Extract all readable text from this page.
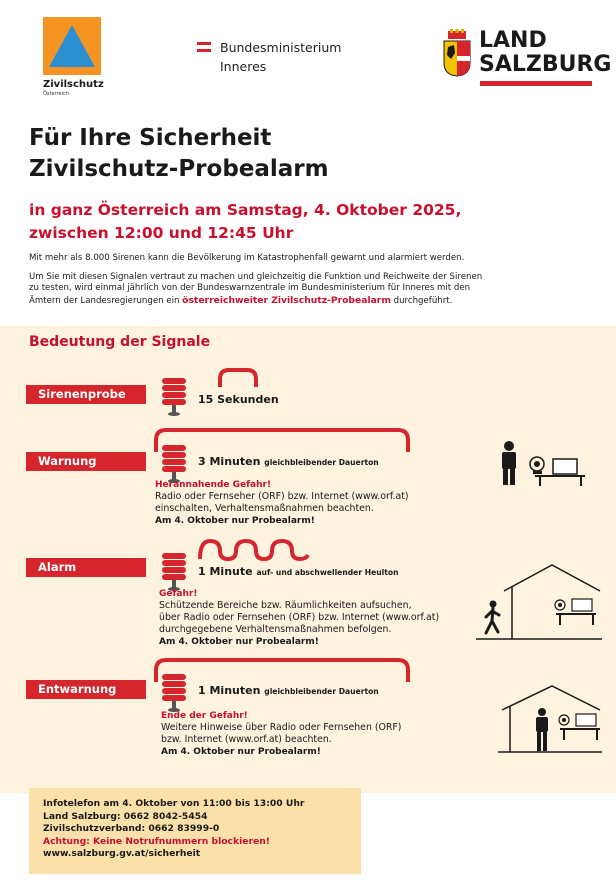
Zivilschutz
Österreich
Bundesministerium
Inneres
LAND
SALZBURG
Für Ihre Sicherheit
Zivilschutz-Probealarm
in ganz Österreich am Samstag, 4. Oktober 2025,
zwischen 12:00 und 12:45 Uhr
Mit mehr als 8.000 Sirenen kann die Bevölkerung im Katastrophenfall gewarnt und alarmiert werden.
Um Sie mit diesen Signalen vertraut zu machen und gleichzeitig die Funktion und Reichweite der Sirenen
zu testen, wird einmal jährlich von der Bundeswarnzentrale im Bundesministerium für Inneres mit den
Ämtern der Landesregierungen ein österreichweiter Zivilschutz-Probealarm durchgeführt.
Bedeutung der Signale
Sirenenprobe	15 Sekunden
Warnung	3 Minuten gleichbleibender Dauerton
Herannahende Gefahr!
Radio oder Fernseher (ORF) bzw. Internet (www.orf.at)
einschalten, Verhaltensmaßnahmen beachten.
Am 4. Oktober nur Probealarm!
Alarm	1 Minute auf- und abschwellender Heulton
Gefahr!
Schützende Bereiche bzw. Räumlichkeiten aufsuchen,
über Radio oder Fernsehen (ORF) bzw. Internet (www.orf.at)
durchgegebene Verhaltensmaßnahmen befolgen.
Am 4. Oktober nur Probealarm!
Entwarnung	1 Minuten gleichbleibender Dauerton
Ende der Gefahr!
Weitere Hinweise über Radio oder Fernsehen (ORF)
bzw. Internet (www.orf.at) beachten.
Am 4. Oktober nur Probealarm!
Infotelefon am 4. Oktober von 11:00 bis 13:00 Uhr
Land Salzburg: 0662 8042-5454
Zivilschutzverband: 0662 83999-0
Achtung: Keine Notrufnummern blockieren!
www.salzburg.gv.at/sicherheit
